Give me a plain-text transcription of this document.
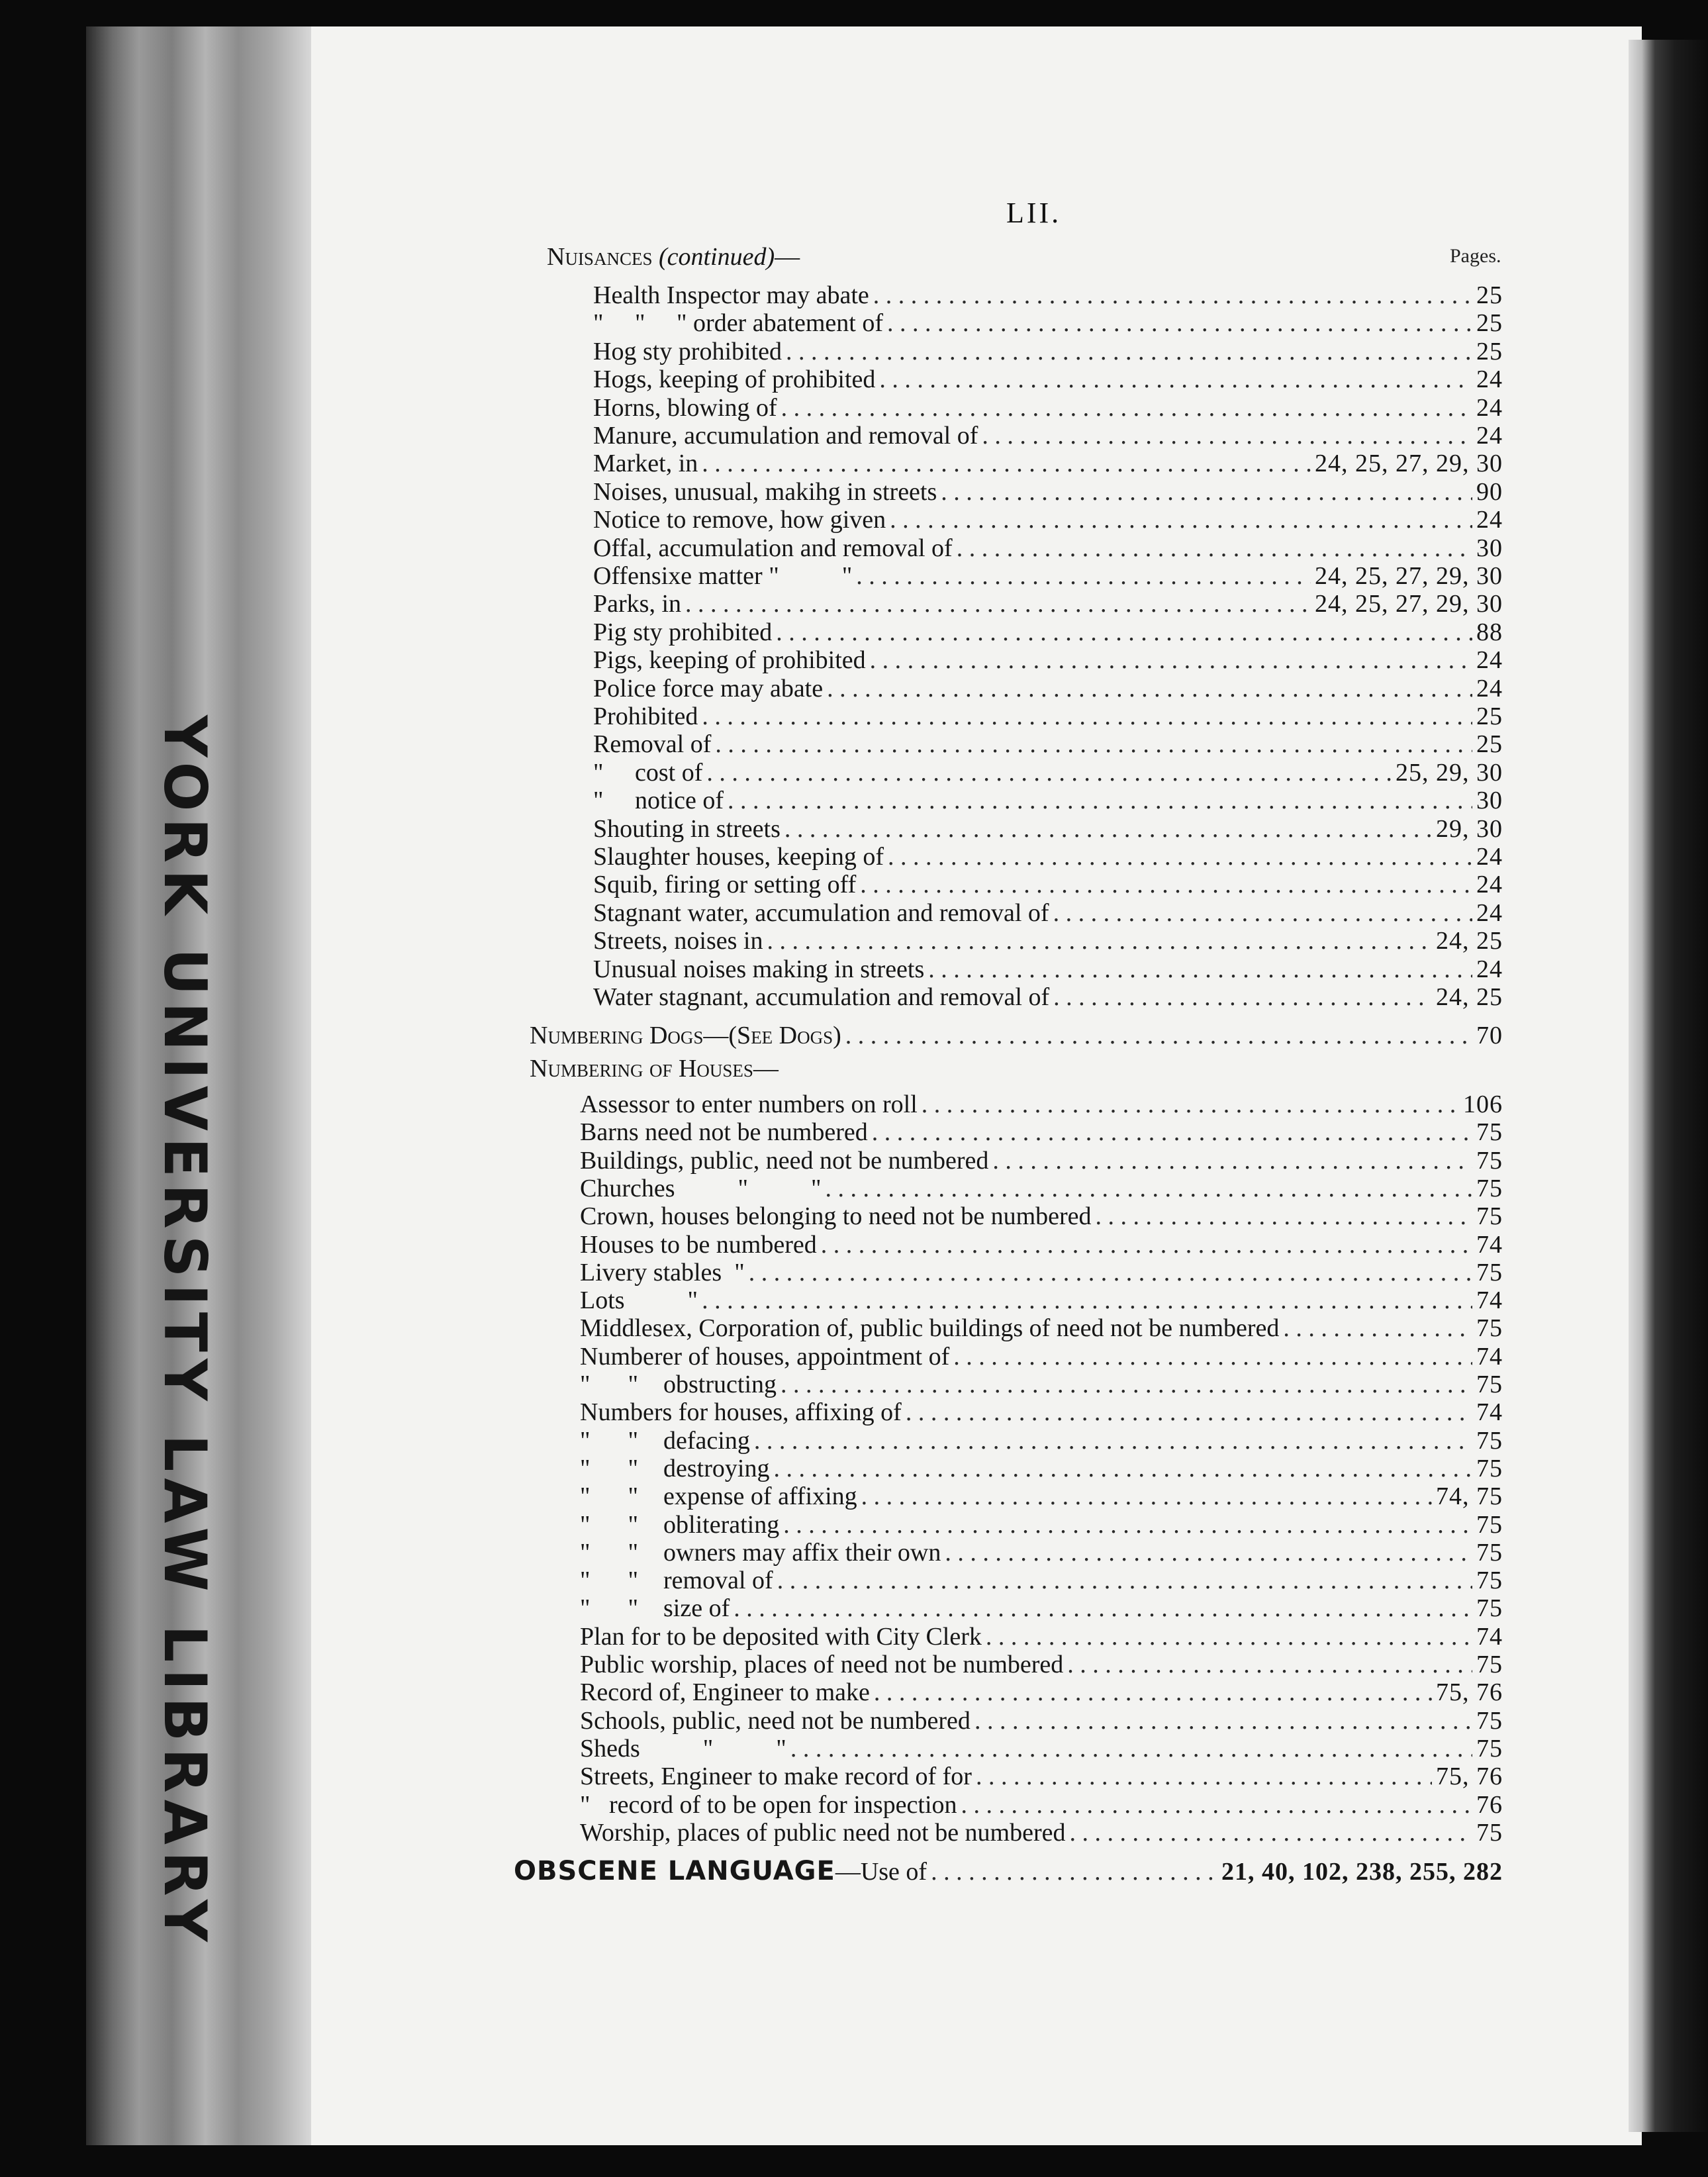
YORK UNIVERSITY LAW LIBRARY
LII.
Pages.
Nuisances (continued)—
Health Inspector may abate . . .	25
"     "     " order abatement of . . .	25
Hog sty prohibited . . .	25
Hogs, keeping of prohibited . . .	24
Horns, blowing of . . .	24
Manure, accumulation and removal of . . .	24
Market, in . . .	24, 25, 27, 29, 30
Noises, unusual, makihg in streets . . .	90
Notice to remove, how given . . .	24
Offal, accumulation and removal of . . .	30
Offensixe matter "          " . . .	24, 25, 27, 29, 30
Parks, in . . .	24, 25, 27, 29, 30
Pig sty prohibited . . .	88
Pigs, keeping of prohibited . . .	24
Police force may abate . . .	24
Prohibited . . .	25
Removal of . . .	25
"     cost of . . .	25, 29, 30
"     notice of . . .	30
Shouting in streets . . .	29, 30
Slaughter houses, keeping of . . .	24
Squib, firing or setting off . . .	24
Stagnant water, accumulation and removal of . . .	24
Streets, noises in . . .	24, 25
Unusual noises making in streets . . .	24
Water stagnant, accumulation and removal of . . .	24, 25
Numbering Dogs—(See Dogs) . . .	70
Numbering of Houses—
Assessor to enter numbers on roll . . .	106
Barns need not be numbered . . .	75
Buildings, public, need not be numbered . . .	75
Churches          "          " . . .	75
Crown, houses belonging to need not be numbered . . .	75
Houses to be numbered . . .	74
Livery stables  " . . .	75
Lots          " . . .	74
Middlesex, Corporation of, public buildings of need not be numbered . . .	75
Numberer of houses, appointment of . . .	74
"      "    obstructing . . .	75
Numbers for houses, affixing of . . .	74
"      "    defacing . . .	75
"      "    destroying . . .	75
"      "    expense of affixing . . .	74, 75
"      "    obliterating . . .	75
"      "    owners may affix their own . . .	75
"      "    removal of . . .	75
"      "    size of . . .	75
Plan for to be deposited with City Clerk . . .	74
Public worship, places of need not be numbered . . .	75
Record of, Engineer to make . . .	75, 76
Schools, public, need not be numbered . . .	75
Sheds          "          " . . .	75
Streets, Engineer to make record of for . . .	75, 76
"   record of to be open for inspection . . .	76
Worship, places of public need not be numbered . . .	75
OBSCENE LANGUAGE —Use of . . .	21, 40, 102, 238, 255, 282
